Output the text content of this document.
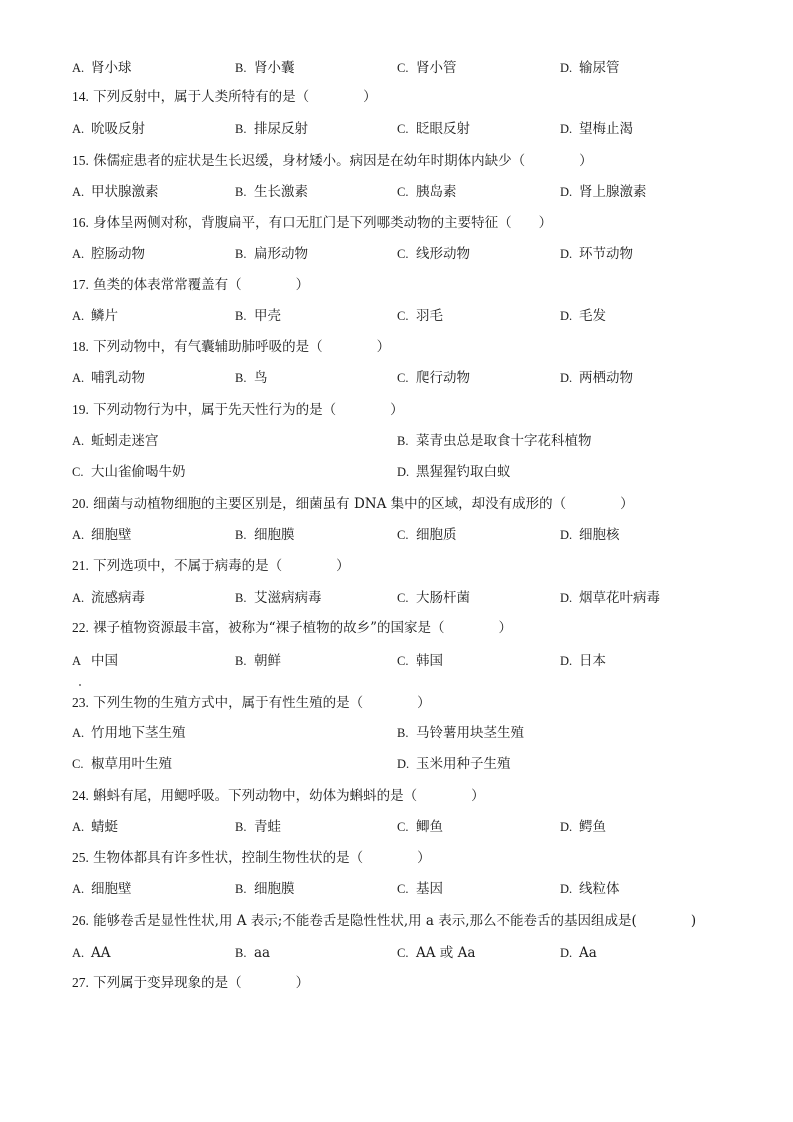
A. 肾小球	B. 肾小囊	C. 肾小管	D. 输尿管
14. 下列反射中，属于人类所特有的是（　　　　）
A. 吮吸反射	B. 排尿反射	C. 眨眼反射	D. 望梅止渴
15. 侏儒症患者的症状是生长迟缓，身材矮小。病因是在幼年时期体内缺少（　　　　）
A. 甲状腺激素	B. 生长激素	C. 胰岛素	D. 肾上腺激素
16. 身体呈两侧对称，背腹扁平，有口无肛门是下列哪类动物的主要特征（　　）
A. 腔肠动物	B. 扁形动物	C. 线形动物	D. 环节动物
17. 鱼类的体表常常覆盖有（　　　　）
A. 鳞片	B. 甲壳	C. 羽毛	D. 毛发
18. 下列动物中，有气囊辅助肺呼吸的是（　　　　）
A. 哺乳动物	B. 鸟	C. 爬行动物	D. 两栖动物
19. 下列动物行为中，属于先天性行为的是（　　　　）
A. 蚯蚓走迷宫	B. 菜青虫总是取食十字花科植物
C. 大山雀偷喝牛奶	D. 黑猩猩钓取白蚁
20. 细菌与动植物细胞的主要区别是，细菌虽有 DNA 集中的区域，却没有成形的（　　　　）
A. 细胞壁	B. 细胞膜	C. 细胞质	D. 细胞核
21. 下列选项中，不属于病毒的是（　　　　）
A. 流感病毒	B. 艾滋病病毒	C. 大肠杆菌	D. 烟草花叶病毒
22. 裸子植物资源最丰富，被称为“裸子植物的故乡”的国家是（　　　　）
A 中国	B. 朝鲜	C. 韩国	D. 日本
23. 下列生物的生殖方式中，属于有性生殖的是（　　　　）
A. 竹用地下茎生殖	B. 马铃薯用块茎生殖
C. 椒草用叶生殖	D. 玉米用种子生殖
24. 蝌蚪有尾，用鳃呼吸。下列动物中，幼体为蝌蚪的是（　　　　）
A. 蜻蜓	B. 青蛙	C. 鲫鱼	D. 鳄鱼
25. 生物体都具有许多性状，控制生物性状的是（　　　　）
A. 细胞壁	B. 细胞膜	C. 基因	D. 线粒体
26. 能够卷舌是显性性状,用 A 表示;不能卷舌是隐性性状,用 a 表示,那么不能卷舌的基因组成是(　　　　)
A. AA	B. aa	C. AA 或 Aa	D. Aa
27. 下列属于变异现象的是（　　　　）
